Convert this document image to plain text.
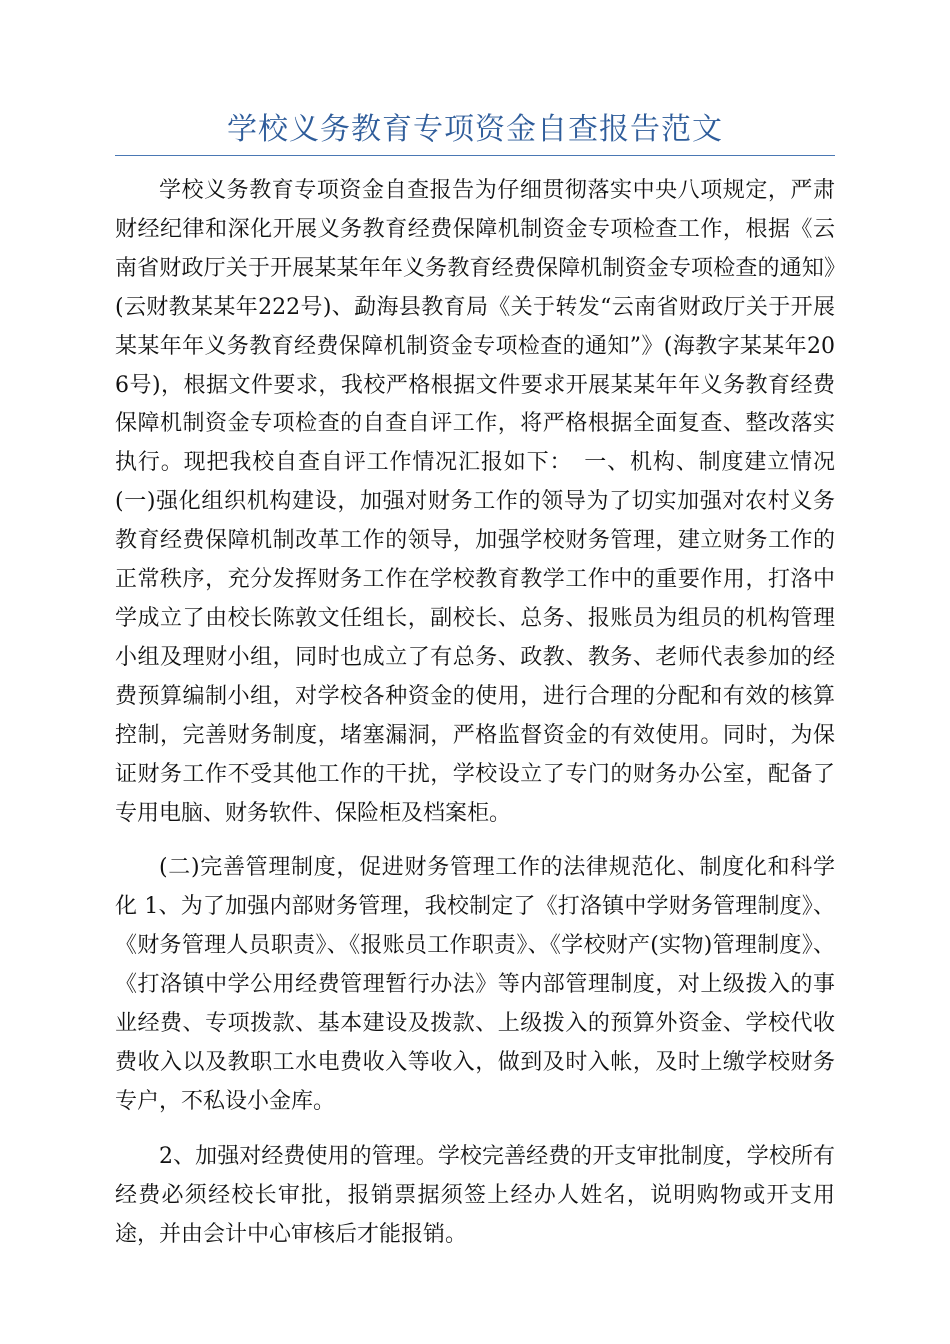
学校义务教育专项资金自查报告范文

学校义务教育专项资金自查报告为仔细贯彻落实中央八项规定，严肃财经纪律和深化开展义务教育经费保障机制资金专项检查工作，根据《云南省财政厅关于开展某某年年义务教育经费保障机制资金专项检查的通知》(云财教某某年222号)、勐海县教育局《关于转发“云南省财政厅关于开展某某年年义务教育经费保障机制资金专项检查的通知”》(海教字某某年206号)，根据文件要求，我校严格根据文件要求开展某某年年义务教育经费保障机制资金专项检查的自查自评工作，将严格根据全面复查、整改落实执行。现把我校自查自评工作情况汇报如下：　一、机构、制度建立情况(一)强化组织机构建设，加强对财务工作的领导为了切实加强对农村义务教育经费保障机制改革工作的领导，加强学校财务管理，建立财务工作的正常秩序，充分发挥财务工作在学校教育教学工作中的重要作用，打洛中学成立了由校长陈敦文任组长，副校长、总务、报账员为组员的机构管理小组及理财小组，同时也成立了有总务、政教、教务、老师代表参加的经费预算编制小组，对学校各种资金的使用，进行合理的分配和有效的核算控制，完善财务制度，堵塞漏洞，严格监督资金的有效使用。同时，为保证财务工作不受其他工作的干扰，学校设立了专门的财务办公室，配备了专用电脑、财务软件、保险柜及档案柜。

(二)完善管理制度，促进财务管理工作的法律规范化、制度化和科学化 1、为了加强内部财务管理，我校制定了《打洛镇中学财务管理制度》、《财务管理人员职责》、《报账员工作职责》、《学校财产(实物)管理制度》、《打洛镇中学公用经费管理暂行办法》等内部管理制度，对上级拨入的事业经费、专项拨款、基本建设及拨款、上级拨入的预算外资金、学校代收费收入以及教职工水电费收入等收入，做到及时入帐，及时上缴学校财务专户，不私设小金库。

2、加强对经费使用的管理。学校完善经费的开支审批制度，学校所有经费必须经校长审批，报销票据须签上经办人姓名，说明购物或开支用途，并由会计中心审核后才能报销。
